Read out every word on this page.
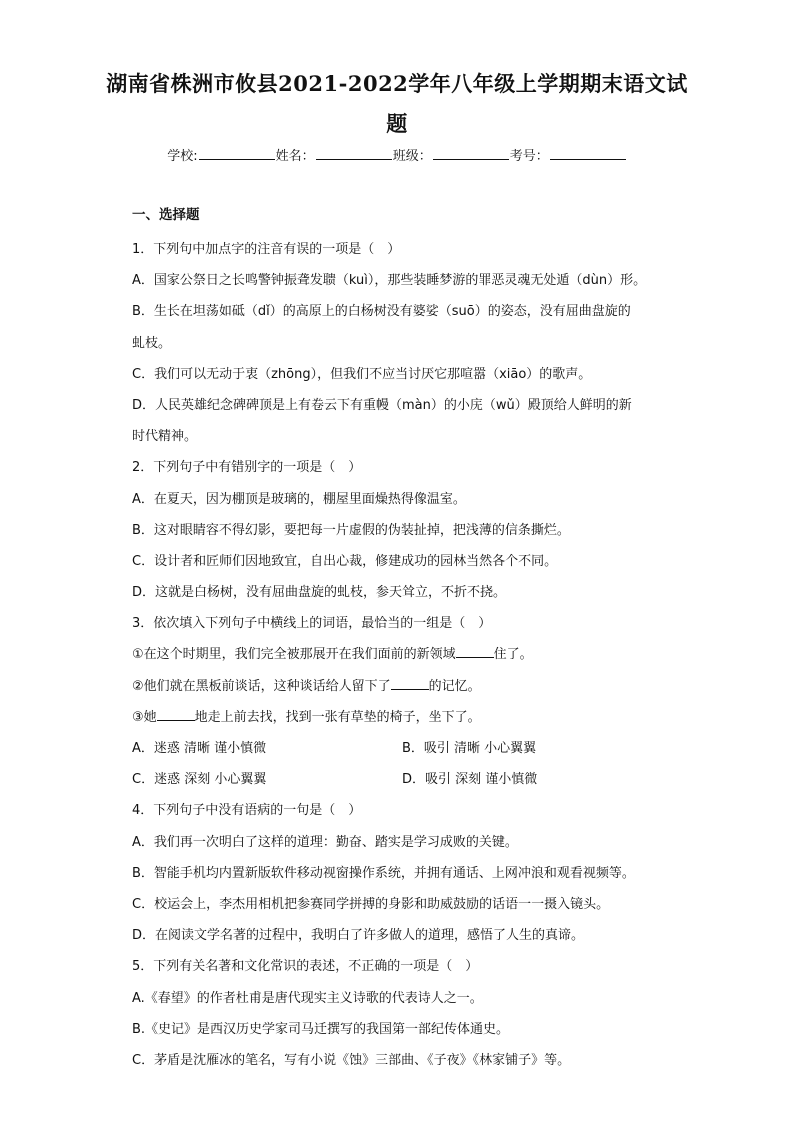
湖南省株洲市攸县2021-2022学年八年级上学期期末语文试
题
学校:	姓名：	班级：	考号：
一、选择题
1．下列句中加点字的注音有误的一项是（　）
A．国家公祭日之长鸣警钟振聋发聩（kuì），那些装睡梦游的罪恶灵魂无处遁（dùn）形。
B．生长在坦荡如砥（dǐ）的高原上的白杨树没有婆娑（suō）的姿态，没有屈曲盘旋的
虬枝。
C．我们可以无动于衷（zhōng），但我们不应当讨厌它那喧嚣（xiāo）的歌声。
D．人民英雄纪念碑碑顶是上有卷云下有重幔（màn）的小庑（wǔ）殿顶给人鲜明的新
时代精神。
2．下列句子中有错别字的一项是（　）
A．在夏天，因为棚顶是玻璃的，棚屋里面燥热得像温室。
B．这对眼睛容不得幻影，要把每一片虚假的伪装扯掉，把浅薄的信条撕烂。
C．设计者和匠师们因地致宜，自出心裁，修建成功的园林当然各个不同。
D．这就是白杨树，没有屈曲盘旋的虬枝，参天耸立，不折不挠。
3．依次填入下列句子中横线上的词语，最恰当的一组是（　）
①在这个时期里，我们完全被那展开在我们面前的新领域	住了。
②他们就在黑板前谈话，这种谈话给人留下了	的记忆。
③她	地走上前去找，找到一张有草垫的椅子，坐下了。
A．迷惑 清晰 谨小慎微	B．吸引 清晰 小心翼翼
C．迷惑 深刻 小心翼翼	D．吸引 深刻 谨小慎微
4．下列句子中没有语病的一句是（　）
A．我们再一次明白了这样的道理：勤奋、踏实是学习成败的关键。
B．智能手机均内置新版软件移动视窗操作系统，并拥有通话、上网冲浪和观看视频等。
C．校运会上，李杰用相机把参赛同学拼搏的身影和助威鼓励的话语一一摄入镜头。
D．在阅读文学名著的过程中，我明白了许多做人的道理，感悟了人生的真谛。
5．下列有关名著和文化常识的表述，不正确的一项是（　）
A.《春望》的作者杜甫是唐代现实主义诗歌的代表诗人之一。
B.《史记》是西汉历史学家司马迁撰写的我国第一部纪传体通史。
C．茅盾是沈雁冰的笔名，写有小说《蚀》三部曲、《子夜》《林家铺子》等。
